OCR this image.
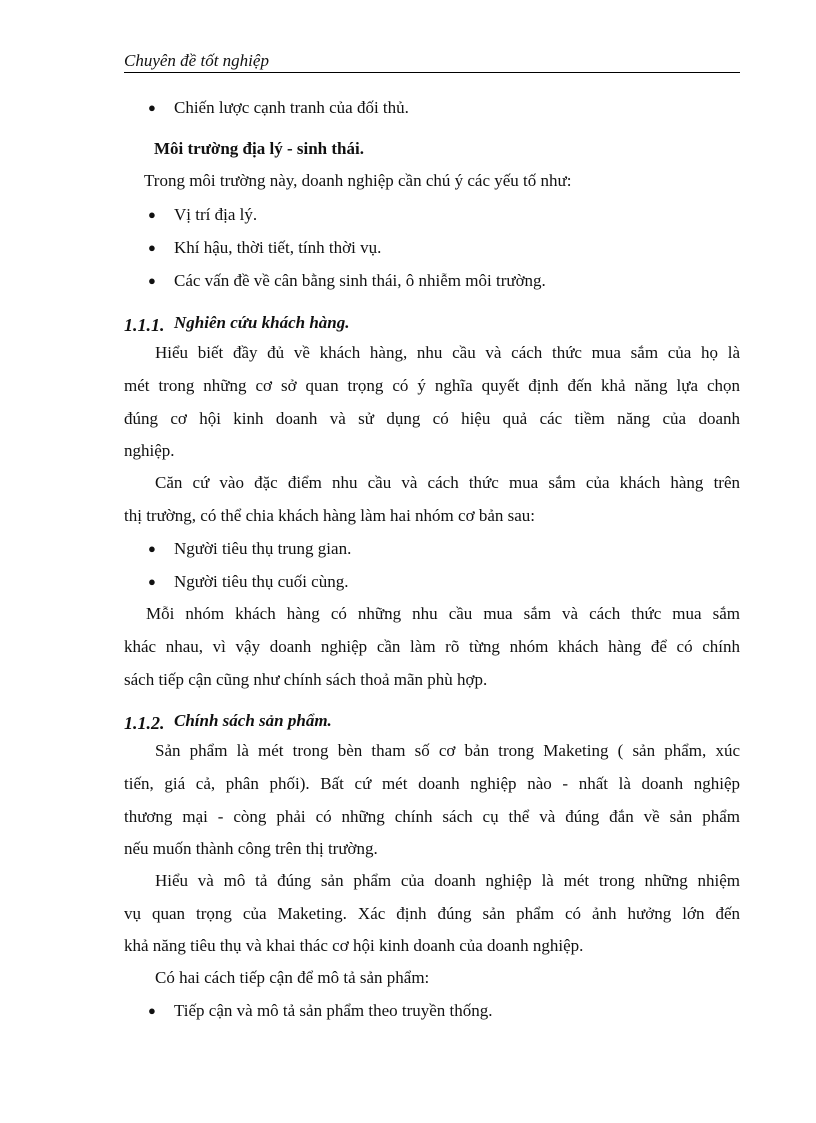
Chuyên đề tốt nghiệp
● Chiến lược cạnh tranh của đối thủ.
Môi trường địa lý - sinh thái.
Trong môi trường này, doanh nghiệp cần chú ý các yếu tố như:
● Vị trí địa lý.
● Khí hậu, thời tiết, tính thời vụ.
● Các vấn đề về cân bằng sinh thái, ô nhiễm môi trường.
1.1.1. Nghiên cứu khách hàng.
Hiểu biết đầy đủ về khách hàng, nhu cầu và cách thức mua sắm của họ là
mét trong những cơ sở quan trọng có ý nghĩa quyết định đến khả năng lựa chọn
đúng cơ hội kinh doanh và sử dụng có hiệu quả các tiềm năng của doanh
nghiệp.
Căn cứ vào đặc điểm nhu cầu và cách thức mua sắm của khách hàng trên
thị trường, có thể chia khách hàng làm hai nhóm cơ bản sau:
● Người tiêu thụ trung gian.
● Người tiêu thụ cuối cùng.
Mỗi nhóm khách hàng có những nhu cầu mua sắm và cách thức mua sắm
khác nhau, vì vậy doanh nghiệp cần làm rõ từng nhóm khách hàng để có chính
sách tiếp cận cũng như chính sách thoả mãn phù hợp.
1.1.2. Chính sách sản phẩm.
Sản phẩm là mét trong bèn tham số cơ bản trong Maketing ( sản phẩm, xúc
tiến, giá cả, phân phối). Bất cứ mét doanh nghiệp nào - nhất là doanh nghiệp
thương mại - còng phải có những chính sách cụ thể và đúng đắn về sản phẩm
nếu muốn thành công trên thị trường.
Hiểu và mô tả đúng sản phẩm của doanh nghiệp là mét trong những nhiệm
vụ quan trọng của Maketing. Xác định đúng sản phẩm có ảnh hưởng lớn đến
khả năng tiêu thụ và khai thác cơ hội kinh doanh của doanh nghiệp.
Có hai cách tiếp cận để mô tả sản phẩm:
● Tiếp cận và mô tả sản phẩm theo truyền thống.
